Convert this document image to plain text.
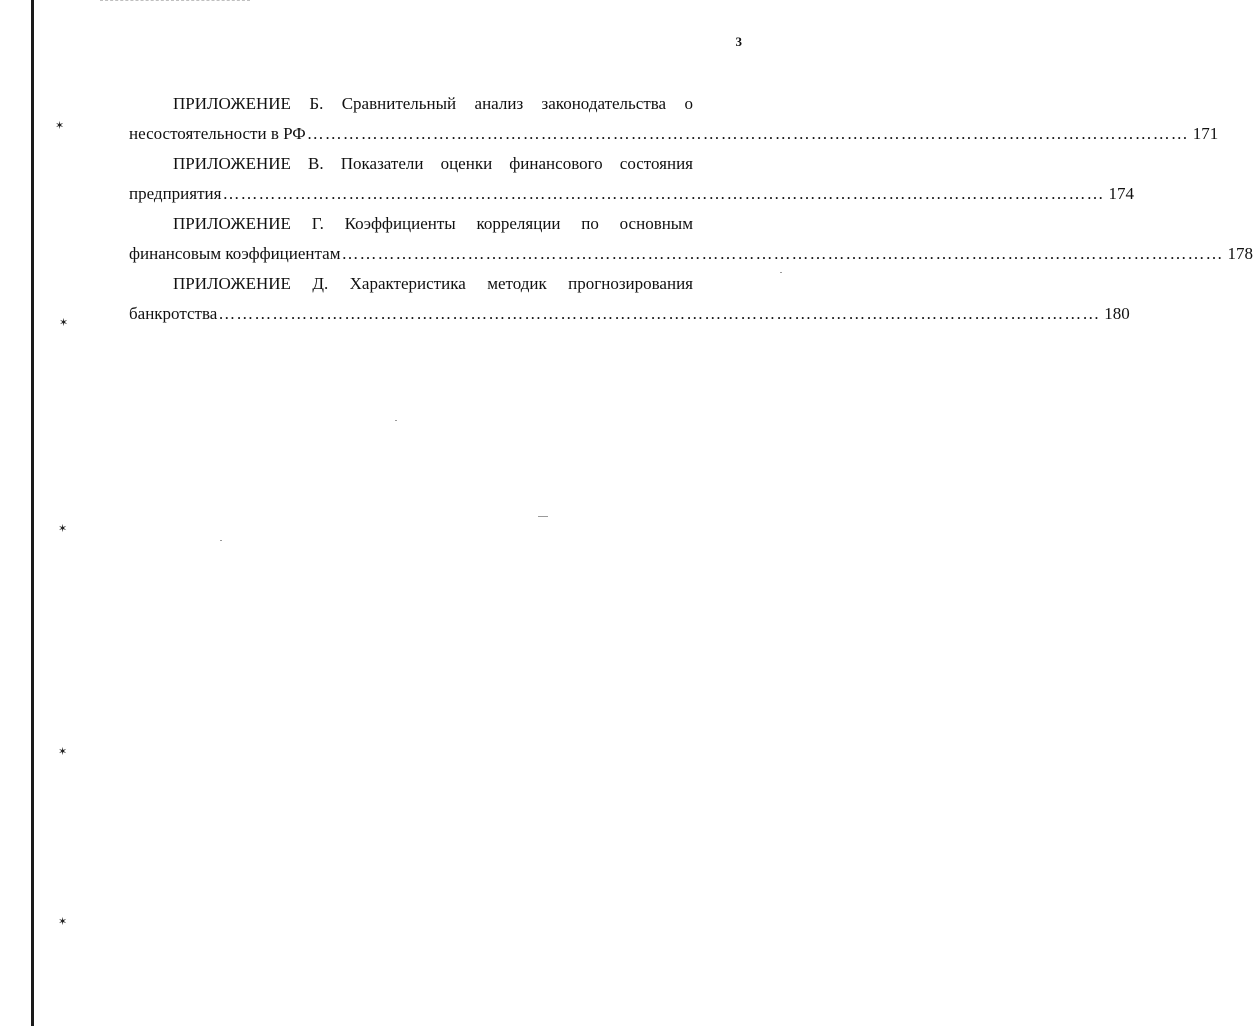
3
ПРИЛОЖЕНИЕ Б. Сравнительный анализ законодательства о
несостоятельности в РФ ………………………………………………………………………………………………………………………………… 171
ПРИЛОЖЕНИЕ В. Показатели оценки финансового состояния
предприятия ………………………………………………………………………………………………………………………………… 174
ПРИЛОЖЕНИЕ Г. Коэффициенты корреляции по основным
финансовым коэффициентам ………………………………………………………………………………………………………………………………… 178
ПРИЛОЖЕНИЕ Д. Характеристика методик прогнозирования
банкротства ………………………………………………………………………………………………………………………………… 180
✶
✶
✶
✶
✶
